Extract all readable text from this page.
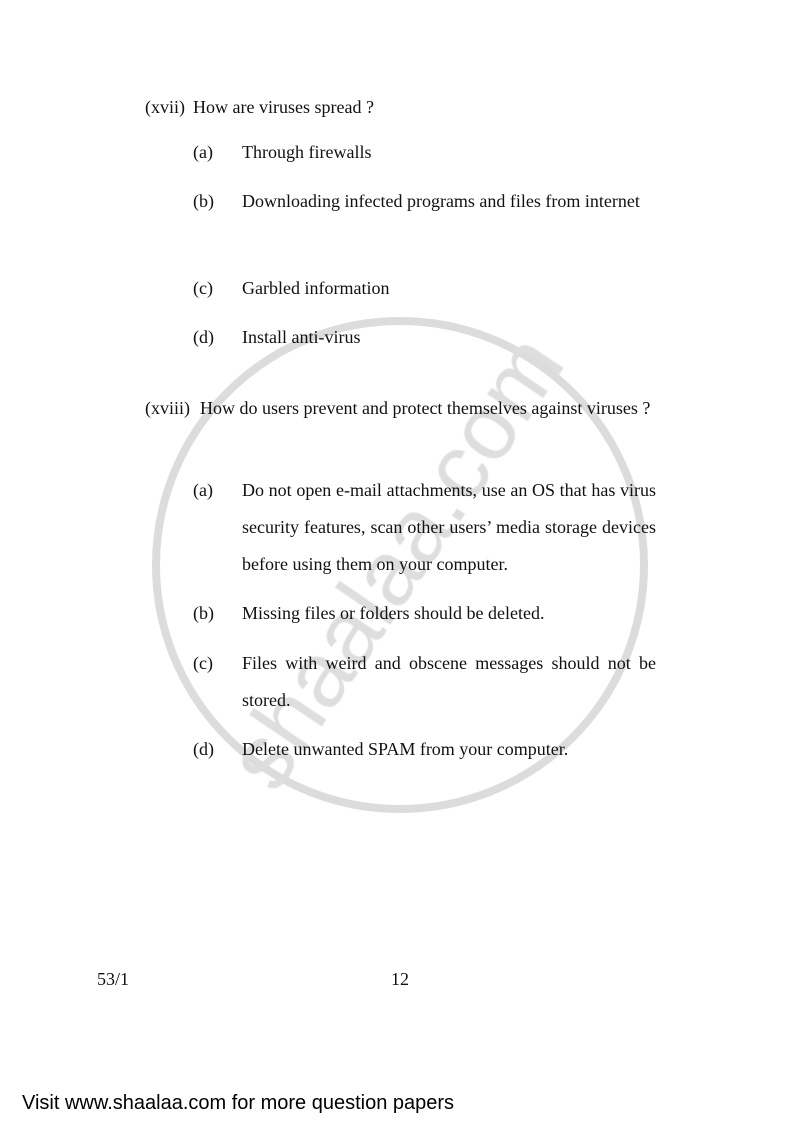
(xvii) How are viruses spread ?
(a) Through firewalls
(b) Downloading infected programs and files from internet
(c) Garbled information
(d) Install anti-virus
(xviii) How do users prevent and protect themselves against viruses ?
(a) Do not open e-mail attachments, use an OS that has virus security features, scan other users’ media storage devices before using them on your computer.
(b) Missing files or folders should be deleted.
(c) Files with weird and obscene messages should not be stored.
(d) Delete unwanted SPAM from your computer.
53/1	12
Visit www.shaalaa.com for more question papers
